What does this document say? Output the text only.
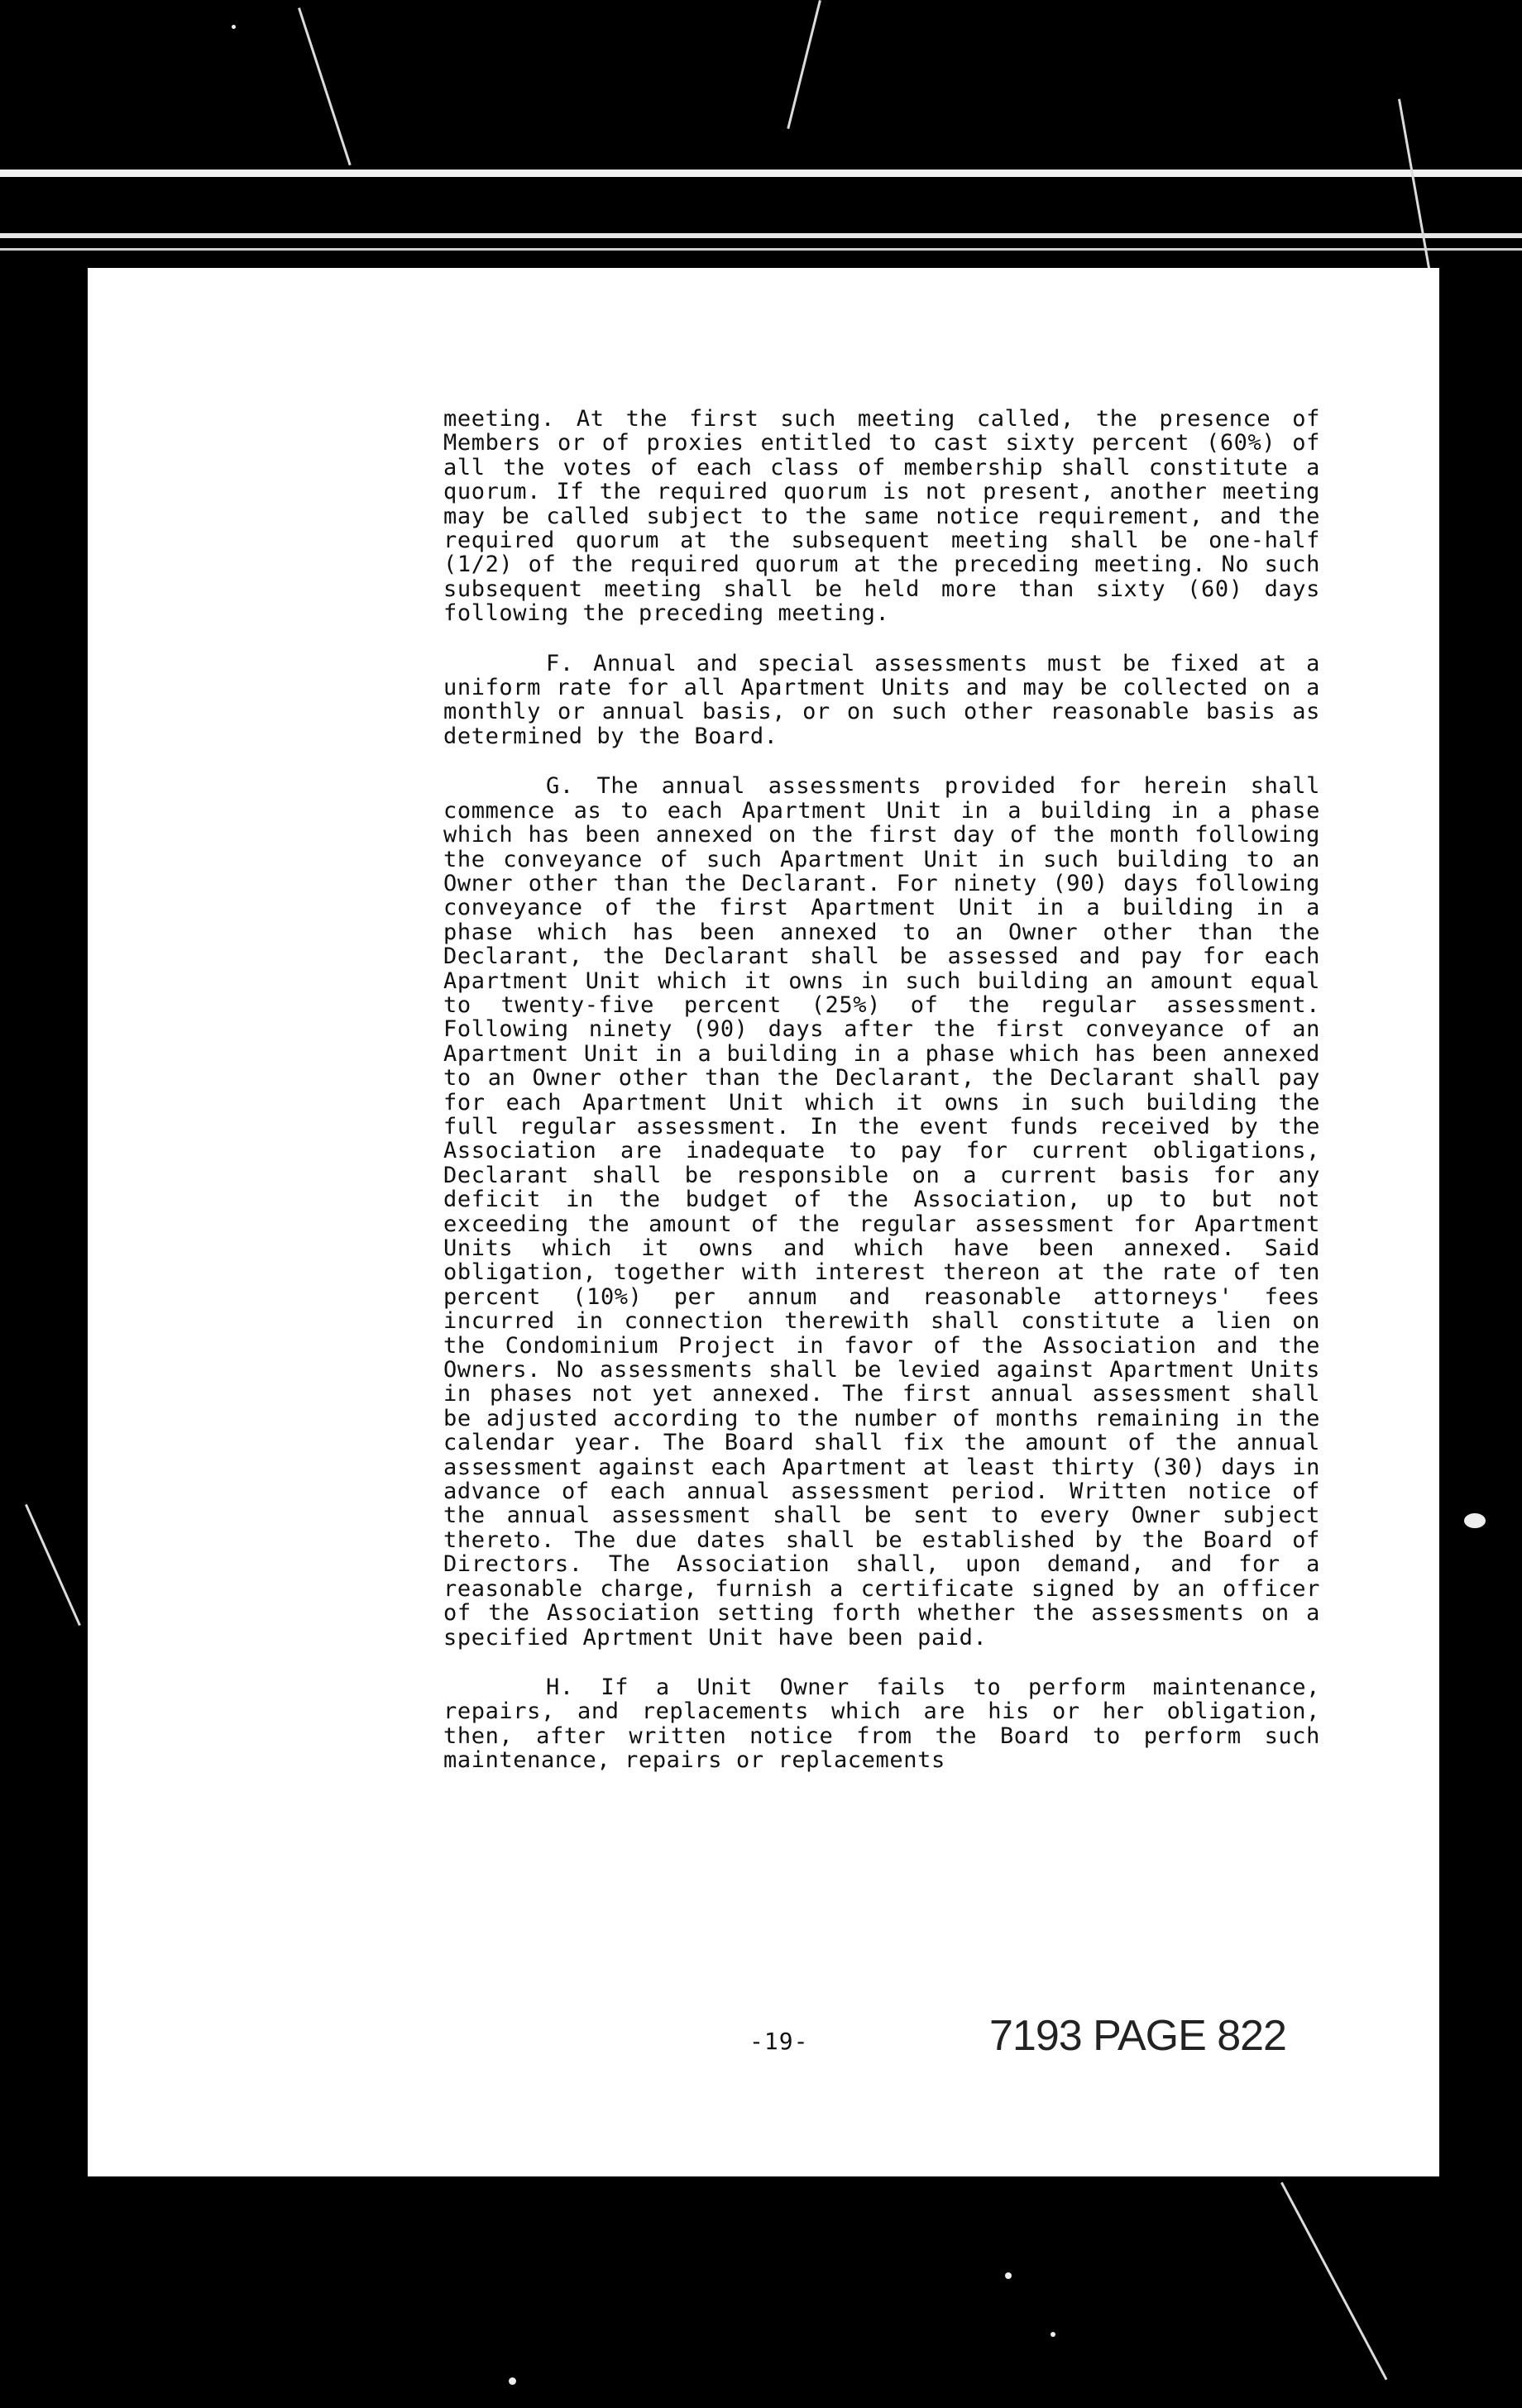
meeting. At the first such meeting called, the presence of Members or of proxies entitled to cast sixty percent (60%) of all the votes of each class of membership shall constitute a quorum. If the required quorum is not present, another meeting may be called subject to the same notice requirement, and the required quorum at the subsequent meeting shall be one-half (1/2) of the required quorum at the preceding meeting. No such subsequent meeting shall be held more than sixty (60) days following the preceding meeting.

F. Annual and special assessments must be fixed at a uniform rate for all Apartment Units and may be collected on a monthly or annual basis, or on such other reasonable basis as determined by the Board.

G. The annual assessments provided for herein shall commence as to each Apartment Unit in a building in a phase which has been annexed on the first day of the month following the conveyance of such Apartment Unit in such building to an Owner other than the Declarant. For ninety (90) days following conveyance of the first Apartment Unit in a building in a phase which has been annexed to an Owner other than the Declarant, the Declarant shall be assessed and pay for each Apartment Unit which it owns in such building an amount equal to twenty-five percent (25%) of the regular assessment. Following ninety (90) days after the first conveyance of an Apartment Unit in a building in a phase which has been annexed to an Owner other than the Declarant, the Declarant shall pay for each Apartment Unit which it owns in such building the full regular assessment. In the event funds received by the Association are inadequate to pay for current obligations, Declarant shall be responsible on a current basis for any deficit in the budget of the Association, up to but not exceeding the amount of the regular assessment for Apartment Units which it owns and which have been annexed. Said obligation, together with interest thereon at the rate of ten percent (10%) per annum and reasonable attorneys' fees incurred in connection therewith shall constitute a lien on the Condominium Project in favor of the Association and the Owners. No assessments shall be levied against Apartment Units in phases not yet annexed. The first annual assessment shall be adjusted according to the number of months remaining in the calendar year. The Board shall fix the amount of the annual assessment against each Apartment at least thirty (30) days in advance of each annual assessment period. Written notice of the annual assessment shall be sent to every Owner subject thereto. The due dates shall be established by the Board of Directors. The Association shall, upon demand, and for a reasonable charge, furnish a certificate signed by an officer of the Association setting forth whether the assessments on a specified Aprtment Unit have been paid.

H. If a Unit Owner fails to perform maintenance, repairs, and replacements which are his or her obligation, then, after written notice from the Board to perform such maintenance, repairs or replacements

-19-	7193 PAGE 822
